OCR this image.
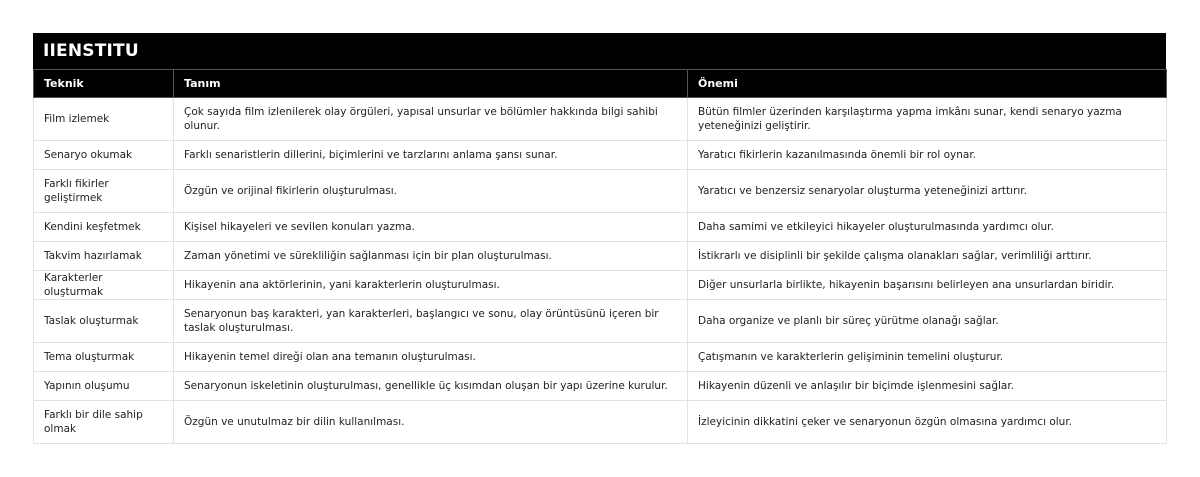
IIENSTITU
Teknik	Tanım	Önemi
Film izlemek	Çok sayıda film izlenilerek olay örgüleri, yapısal unsurlar ve bölümler hakkında bilgi sahibi olunur.	Bütün filmler üzerinden karşılaştırma yapma imkânı sunar, kendi senaryo yazma yeteneğinizi geliştirir.
Senaryo okumak	Farklı senaristlerin dillerini, biçimlerini ve tarzlarını anlama şansı sunar.	Yaratıcı fikirlerin kazanılmasında önemli bir rol oynar.
Farklı fikirler geliştirmek	Özgün ve orijinal fikirlerin oluşturulması.	Yaratıcı ve benzersiz senaryolar oluşturma yeteneğinizi arttırır.
Kendini keşfetmek	Kişisel hikayeleri ve sevilen konuları yazma.	Daha samimi ve etkileyici hikayeler oluşturulmasında yardımcı olur.
Takvim hazırlamak	Zaman yönetimi ve sürekliliğin sağlanması için bir plan oluşturulması.	İstikrarlı ve disiplinli bir şekilde çalışma olanakları sağlar, verimliliği arttırır.
Karakterler oluşturmak	Hikayenin ana aktörlerinin, yani karakterlerin oluşturulması.	Diğer unsurlarla birlikte, hikayenin başarısını belirleyen ana unsurlardan biridir.
Taslak oluşturmak	Senaryonun baş karakteri, yan karakterleri, başlangıcı ve sonu, olay örüntüsünü içeren bir taslak oluşturulması.	Daha organize ve planlı bir süreç yürütme olanağı sağlar.
Tema oluşturmak	Hikayenin temel direği olan ana temanın oluşturulması.	Çatışmanın ve karakterlerin gelişiminin temelini oluşturur.
Yapının oluşumu	Senaryonun iskeletinin oluşturulması, genellikle üç kısımdan oluşan bir yapı üzerine kurulur.	Hikayenin düzenli ve anlaşılır bir biçimde işlenmesini sağlar.
Farklı bir dile sahip olmak	Özgün ve unutulmaz bir dilin kullanılması.	İzleyicinin dikkatini çeker ve senaryonun özgün olmasına yardımcı olur.
